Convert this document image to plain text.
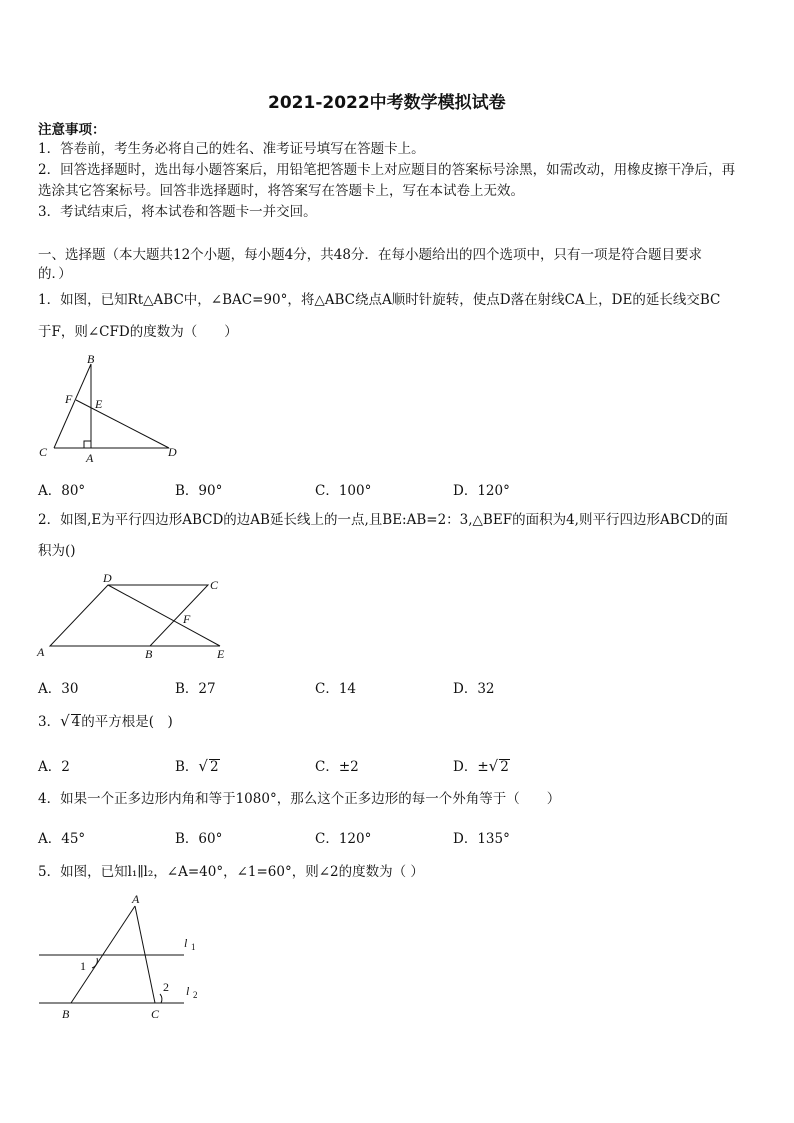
2021-2022中考数学模拟试卷
注意事项：
1．答卷前，考生务必将自己的姓名、准考证号填写在答题卡上。
2．回答选择题时，选出每小题答案后，用铅笔把答题卡上对应题目的答案标号涂黑，如需改动，用橡皮擦干净后，再
选涂其它答案标号。回答非选择题时，将答案写在答题卡上，写在本试卷上无效。
3．考试结束后，将本试卷和答题卡一并交回。
一、选择题（本大题共12个小题，每小题4分，共48分．在每小题给出的四个选项中，只有一项是符合题目要求
的．）
1．如图，已知Rt△ABC中，∠BAC=90°，将△ABC绕点A顺时针旋转，使点D落在射线CA上，DE的延长线交BC
于F，则∠CFD的度数为（　　）
B
F E
C	A	D
A．80°	B．90°	C．100°	D．120°
2．如图,E为平行四边形ABCD的边AB延长线上的一点,且BE:AB=2：3,△BEF的面积为4,则平行四边形ABCD的面
积为()
D	C
F
A	B	E
A．30	B．27	C．14	D．32
3．√ 4的平方根是(　)
A．2	B．√ 2	C．±2	D．±√ 2
4．如果一个正多边形内角和等于1080°，那么这个正多边形的每一个外角等于（　　）
A．45°	B．60°	C．120°	D．135°
5．如图，已知l₁∥l₂，∠A=40°，∠1=60°，则∠2的度数为（ ）
A
l 1
1
2 l 2
B	C
